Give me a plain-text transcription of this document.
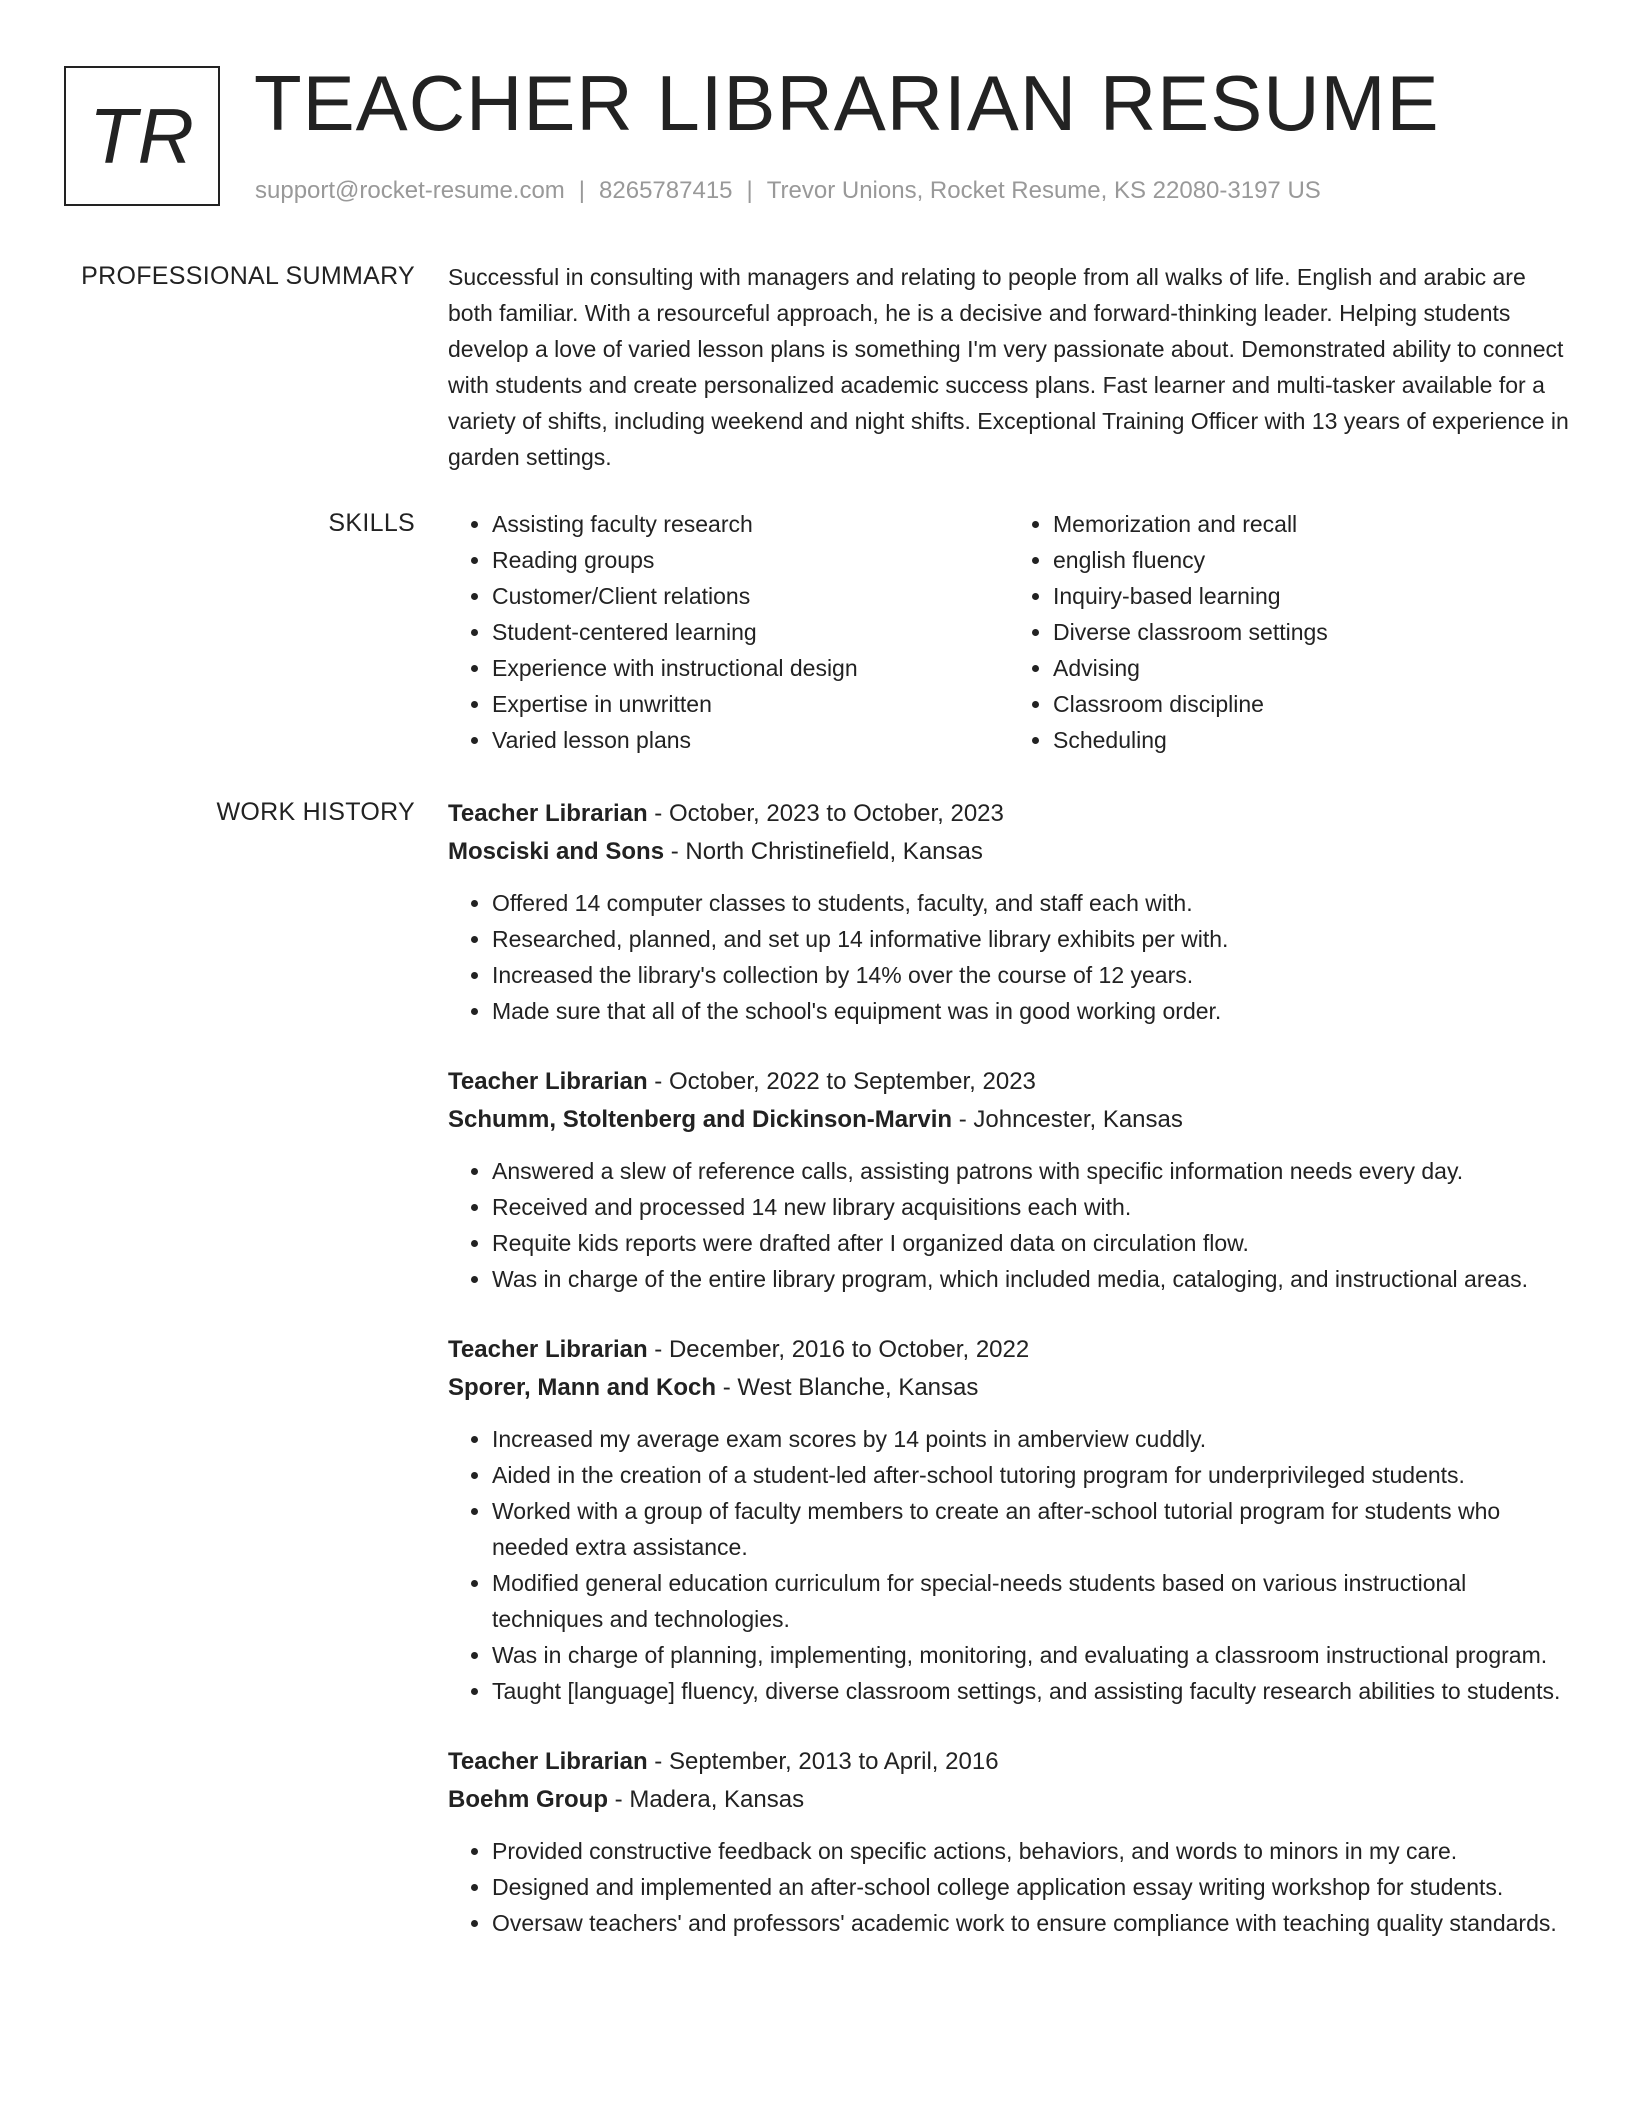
TR TEACHER LIBRARIAN RESUME
support@rocket-resume.com | 8265787415 | Trevor Unions, Rocket Resume, KS 22080-3197 US
PROFESSIONAL SUMMARY Successful in consulting with managers and relating to people from all walks of life. English and arabic are both familiar. With a resourceful approach, he is a decisive and forward-thinking leader. Helping students develop a love of varied lesson plans is something I'm very passionate about. Demonstrated ability to connect with students and create personalized academic success plans. Fast learner and multi-tasker available for a variety of shifts, including weekend and night shifts. Exceptional Training Officer with 13 years of experience in garden settings.

SKILLS
•	Assisting faculty research
• Reading groups
• Customer/Client relations
• Student-centered learning
• Experience with instructional design
• Expertise in unwritten
• Varied lesson plans
• Memorization and recall
• english fluency
• Inquiry-based learning
• Diverse classroom settings
• Advising
• Classroom discipline
• Scheduling
WORK HISTORY Teacher Librarian - October, 2023 to October, 2023
Mosciski and Sons - North Christinefield, Kansas
• Offered 14 computer classes to students, faculty, and staff each with.
• Researched, planned, and set up 14 informative library exhibits per with.
• Increased the library's collection by 14% over the course of 12 years.
• Made sure that all of the school's equipment was in good working order.
Teacher Librarian - October, 2022 to September, 2023
Schumm, Stoltenberg and Dickinson-Marvin - Johncester, Kansas
• Answered a slew of reference calls, assisting patrons with specific information needs every day.
• Received and processed 14 new library acquisitions each with.
• Requite kids reports were drafted after I organized data on circulation flow.
• Was in charge of the entire library program, which included media, cataloging, and instructional areas.
Teacher Librarian - December, 2016 to October, 2022
Sporer, Mann and Koch - West Blanche, Kansas
• Increased my average exam scores by 14 points in amberview cuddly.
• Aided in the creation of a student-led after-school tutoring program for underprivileged students.
• Worked with a group of faculty members to create an after-school tutorial program for students who needed extra assistance.
• Modified general education curriculum for special-needs students based on various instructional techniques and technologies.
• Was in charge of planning, implementing, monitoring, and evaluating a classroom instructional program.
• Taught [language] fluency, diverse classroom settings, and assisting faculty research abilities to students.
Teacher Librarian - September, 2013 to April, 2016
Boehm Group - Madera, Kansas
• Provided constructive feedback on specific actions, behaviors, and words to minors in my care.
• Designed and implemented an after-school college application essay writing workshop for students.
• Oversaw teachers' and professors' academic work to ensure compliance with teaching quality standards.
